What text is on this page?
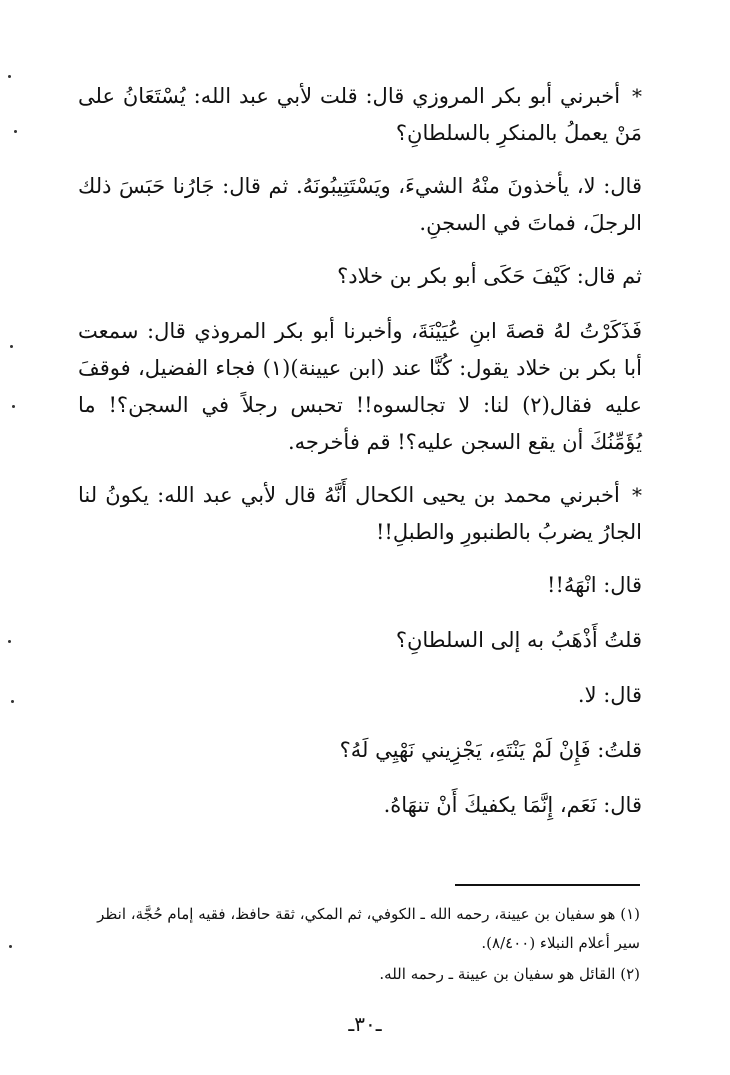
* أخبرني أبو بكر المروزي قال: قلت لأبي عبد الله: يُسْتَعَانُ على مَنْ يعملُ بالمنكرِ بالسلطانِ؟

قال: لا، يأخذونَ منْهُ الشيءَ، ويَسْتَتِيبُونَهُ. ثم قال: جَارُنا حَبَسَ ذلك الرجلَ، فماتَ في السجنِ.

ثم قال: كَيْفَ حَكَى أبو بكر بن خلاد؟

فَذَكَرْتُ لهُ قصةَ ابنِ عُيَيْنَةَ، وأخبرنا أبو بكر المروذي قال: سمعت أبا بكر بن خلاد يقول: كُنَّا عند (ابن عيينة)(١) فجاء الفضيل، فوقفَ عليه فقال(٢) لنا: لا تجالسوه!! تحبس رجلاً في السجن؟! ما يُؤَمِّنُكَ أن يقع السجن عليه؟! قم فأخرجه.

* أخبرني محمد بن يحيى الكحال أَنَّهُ قال لأبي عبد الله: يكونُ لنا الجارُ يضربُ بالطنبورِ والطبلِ!!

قال: انْهَهُ!!

قلتُ أَذْهَبُ به إلى السلطانِ؟

قال: لا.

قلتُ: فَإِنْ لَمْ يَنْتَهِ، يَجْزِيني نَهْيِي لَهُ؟

قال: نَعَم، إِنَّمَا يكفيكَ أَنْ تنهَاهُ.

(١) هو سفيان بن عيينة، رحمه الله ـ الكوفي، ثم المكي، ثقة حافظ، فقيه إمام حُجَّة، انظر سير أعلام النبلاء (٨/٤٠٠).

(٢) القائل هو سفيان بن عيينة ـ رحمه الله.

ـ٣٠ـ
